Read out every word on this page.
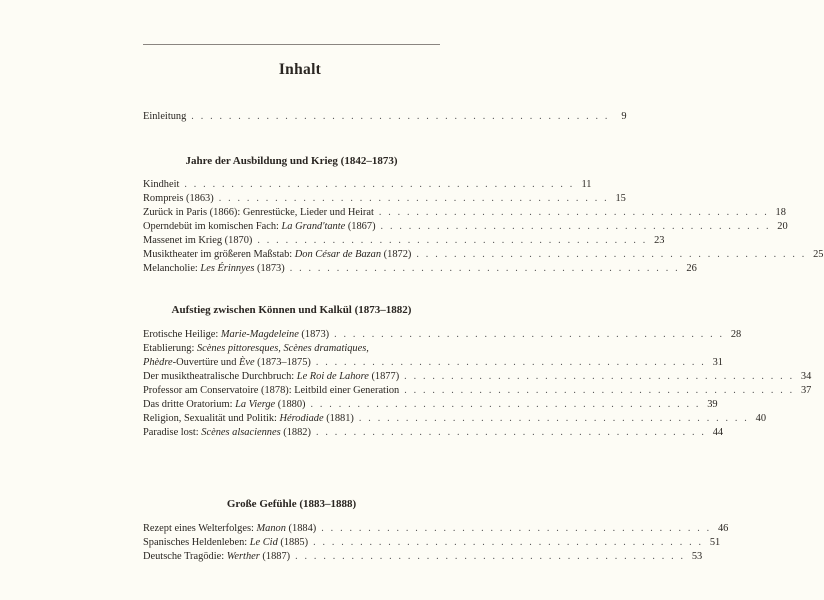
Inhalt
Einleitung . . . . . . . . . . . . . . . . . . . . . . . . . . . . . . . . . . . . . . . . . . . . .	9
Jahre der Ausbildung und Krieg (1842–1873)
Kindheit . . . . . . . . . . . . . . . . . . . . . . . . . . . . . . . . . . . . . . . . . . 11
Rompreis (1863) . . . . . . . . . . . . . . . . . . . . . . . . . . . . . . . . . . . . . . . . . . 15
Zurück in Paris (1866): Genrestücke, Lieder und Heirat . . . . . . . . . . . . . . . . . . . . . . . . . . . . . . . . . . . . . . . . . . 18
Operndebüt im komischen Fach: La Grand'tante (1867) . . . . . . . . . . . . . . . . . . . . . . . . . . . . . . . . . . . . . . . . . . 20
Massenet im Krieg (1870) . . . . . . . . . . . . . . . . . . . . . . . . . . . . . . . . . . . . . . . . . . 23
Musiktheater im größeren Maßstab: Don César de Bazan (1872) . . . . . . . . . . . . . . . . . . . . . . . . . . . . . . . . . . . . . . . . . . 25
Melancholie: Les Érinnyes (1873) . . . . . . . . . . . . . . . . . . . . . . . . . . . . . . . . . . . . . . . . . . 26
Aufstieg zwischen Können und Kalkül (1873–1882)
Erotische Heilige: Marie-Magdeleine (1873) . . . . . . . . . . . . . . . . . . . . . . . . . . . . . . . . . . . . . . . . . . 28
Etablierung: Scènes pittoresques, Scènes dramatiques,
Phèdre-Ouvertüre und Ève (1873–1875) . . . . . . . . . . . . . . . . . . . . . . . . . . . . . . . . . . . . . . . . . . 31
Der musiktheatralische Durchbruch: Le Roi de Lahore (1877) . . . . . . . . . . . . . . . . . . . . . . . . . . . . . . . . . . . . . . . . . . 34
Professor am Conservatoire (1878): Leitbild einer Generation . . . . . . . . . . . . . . . . . . . . . . . . . . . . . . . . . . . . . . . . . . 37
Das dritte Oratorium: La Vierge (1880) . . . . . . . . . . . . . . . . . . . . . . . . . . . . . . . . . . . . . . . . . . 39
Religion, Sexualität und Politik: Hérodiade (1881) . . . . . . . . . . . . . . . . . . . . . . . . . . . . . . . . . . . . . . . . . . 40
Paradise lost: Scènes alsaciennes (1882) . . . . . . . . . . . . . . . . . . . . . . . . . . . . . . . . . . . . . . . . . . 44
Große Gefühle (1883–1888)
Rezept eines Welterfolges: Manon (1884) . . . . . . . . . . . . . . . . . . . . . . . . . . . . . . . . . . . . . . . . . . 46
Spanisches Heldenleben: Le Cid (1885) . . . . . . . . . . . . . . . . . . . . . . . . . . . . . . . . . . . . . . . . . . 51
Deutsche Tragödie: Werther (1887) . . . . . . . . . . . . . . . . . . . . . . . . . . . . . . . . . . . . . . . . . . 53
